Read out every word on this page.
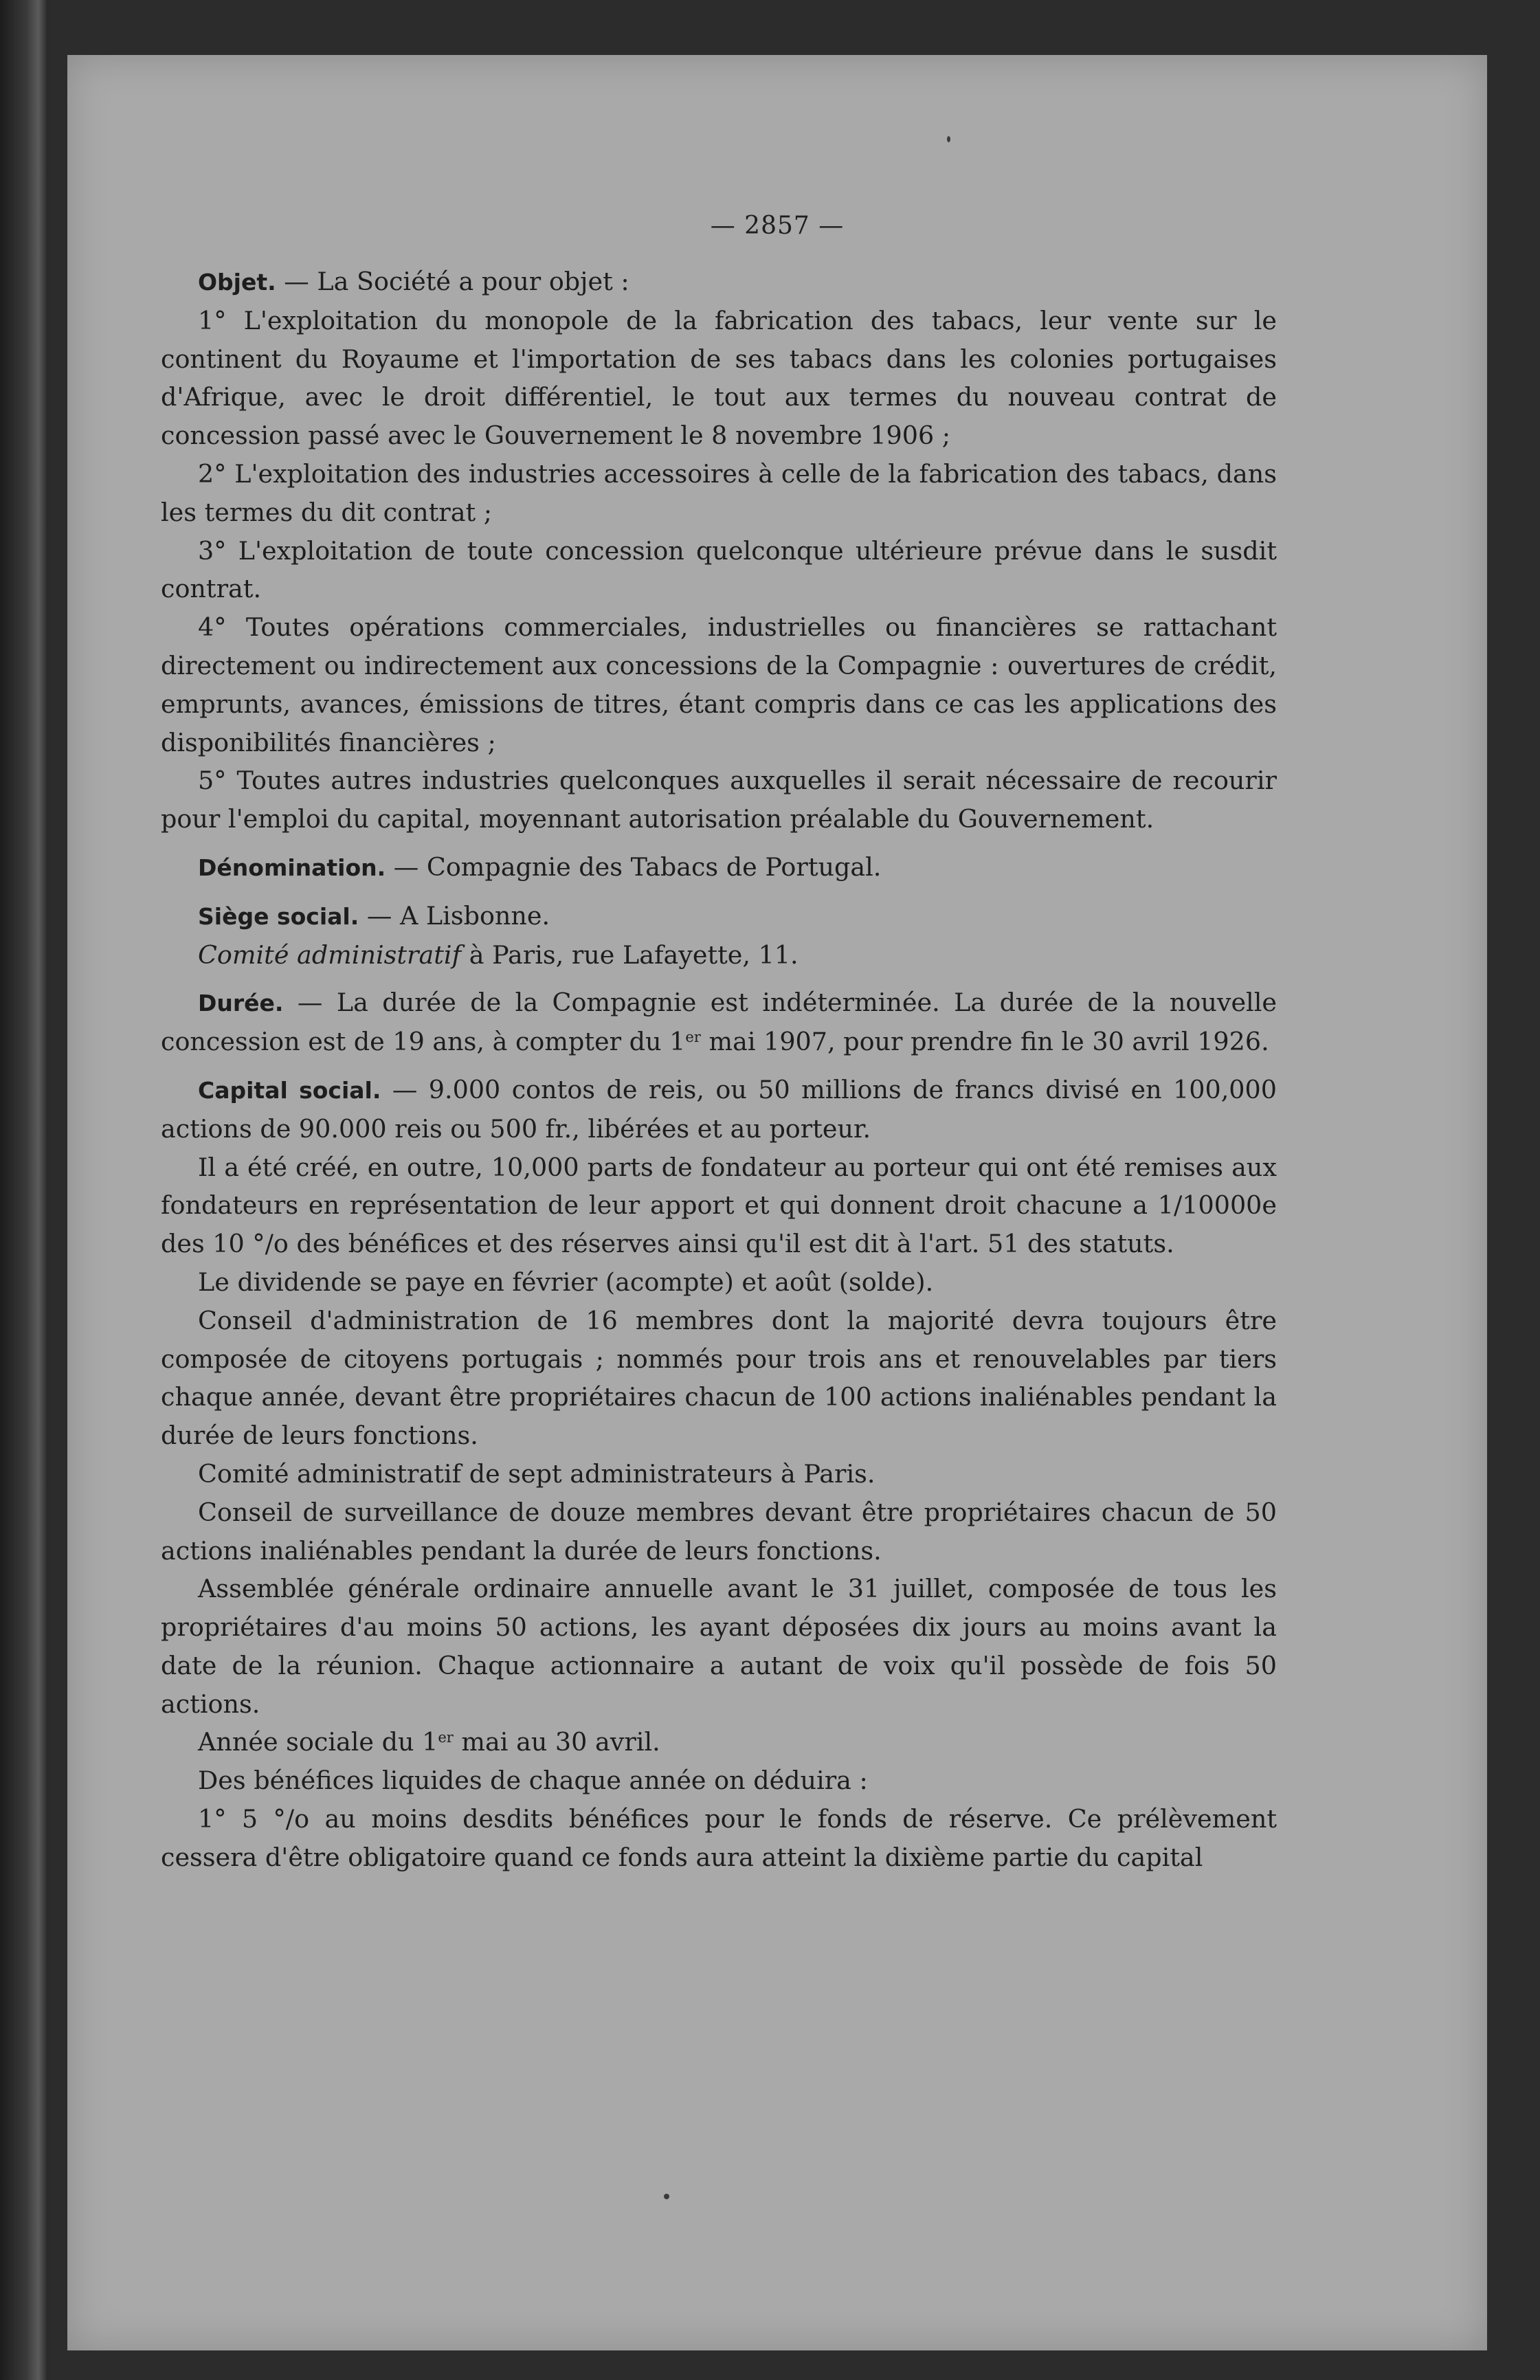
— 2857 —

Objet. — La Société a pour objet :

1° L'exploitation du monopole de la fabrication des tabacs, leur vente sur le continent du Royaume et l'importation de ses tabacs dans les colonies portugaises d'Afrique, avec le droit différentiel, le tout aux termes du nouveau contrat de concession passé avec le Gouvernement le 8 novembre 1906 ;

2° L'exploitation des industries accessoires à celle de la fabrication des tabacs, dans les termes du dit contrat ;

3° L'exploitation de toute concession quelconque ultérieure prévue dans le susdit contrat.

4° Toutes opérations commerciales, industrielles ou financières se rattachant directement ou indirectement aux concessions de la Compagnie : ouvertures de crédit, emprunts, avances, émissions de titres, étant compris dans ce cas les applications des disponibilités financières ;

5° Toutes autres industries quelconques auxquelles il serait nécessaire de recourir pour l'emploi du capital, moyennant autorisation préalable du Gouvernement.

Dénomination. — Compagnie des Tabacs de Portugal.

Siège social. — A Lisbonne.

Comité administratif à Paris, rue Lafayette, 11.

Durée. — La durée de la Compagnie est indéterminée. La durée de la nouvelle concession est de 19 ans, à compter du 1er mai 1907, pour prendre fin le 30 avril 1926.

Capital social. — 9.000 contos de reis, ou 50 millions de francs divisé en 100,000 actions de 90.000 reis ou 500 fr., libérées et au porteur.

Il a été créé, en outre, 10,000 parts de fondateur au porteur qui ont été remises aux fondateurs en représentation de leur apport et qui donnent droit chacune a 1/10000e des 10 °/o des bénéfices et des réserves ainsi qu'il est dit à l'art. 51 des statuts.

Le dividende se paye en février (acompte) et août (solde).

Conseil d'administration de 16 membres dont la majorité devra toujours être composée de citoyens portugais ; nommés pour trois ans et renouvelables par tiers chaque année, devant être propriétaires chacun de 100 actions inaliénables pendant la durée de leurs fonctions.

Comité administratif de sept administrateurs à Paris.

Conseil de surveillance de douze membres devant être propriétaires chacun de 50 actions inaliénables pendant la durée de leurs fonctions.

Assemblée générale ordinaire annuelle avant le 31 juillet, composée de tous les propriétaires d'au moins 50 actions, les ayant déposées dix jours au moins avant la date de la réunion. Chaque actionnaire a autant de voix qu'il possède de fois 50 actions.

Année sociale du 1er mai au 30 avril.

Des bénéfices liquides de chaque année on déduira :

1° 5 °/o au moins desdits bénéfices pour le fonds de réserve. Ce prélèvement cessera d'être obligatoire quand ce fonds aura atteint la dixième partie du capital
